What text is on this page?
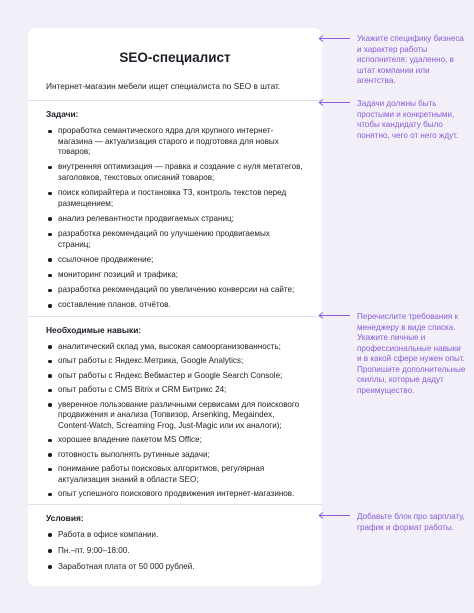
SEO-специалист
Интернет-магазин мебели ищет специалиста по SEO в штат.
Задачи:
проработка семантического ядра для крупного интернет-магазина — актуализация старого и подготовка для новых товаров;
внутренняя оптимизация — правка и создание с нуля метатегов, заголовков, текстовых описаний товаров;
поиск копирайтера и постановка ТЗ, контроль текстов перед размещением;
анализ релевантности продвигаемых страниц;
разработка рекомендаций по улучшению продвигаемых страниц;
ссылочное продвижение;
мониторинг позиций и трафика;
разработка рекомендаций по увеличению конверсии на сайте;
составление планов, отчётов.
Необходимые навыки:
аналитический склад ума, высокая самоорганизованность;
опыт работы с Яндекс.Метрика, Google Analytics;
опыт работы с Яндекс Вебмастер и Google Search Console;
опыт работы с CMS Bitrix и CRM Битрикс 24;
уверенное пользование различными сервисами для поискового продвижения и анализа (Топвизор, Arsenking, Megaindex, Content-Watch, Screaming Frog, Just-Magic или их аналоги);
хорошее владение пакетом MS Office;
готовность выполнять рутинные задачи;
понимание работы поисковых алгоритмов, регулярная актуализация знаний в области SEO;
опыт успешного поискового продвижения интернет-магазинов.
Условия:
Работа в офисе компании.
Пн.–пт. 9:00–18:00.
Заработная плата от 50 000 рублей.
Укажите специфику бизнеса и характер работы исполнителя: удаленно, в штат компании или агентства.
Задачи должны быть простыми и конкретными, чтобы кандидату было понятно, чего от него ждут.
Перечислите требования к менеджеру в виде списка. Укажите личные и профессиональные навыки и в какой сфере нужен опыт. Пропишите дополнительные скиллы, которые дадут преимущество.
Добавьте блок про зарплату, график и формат работы.
